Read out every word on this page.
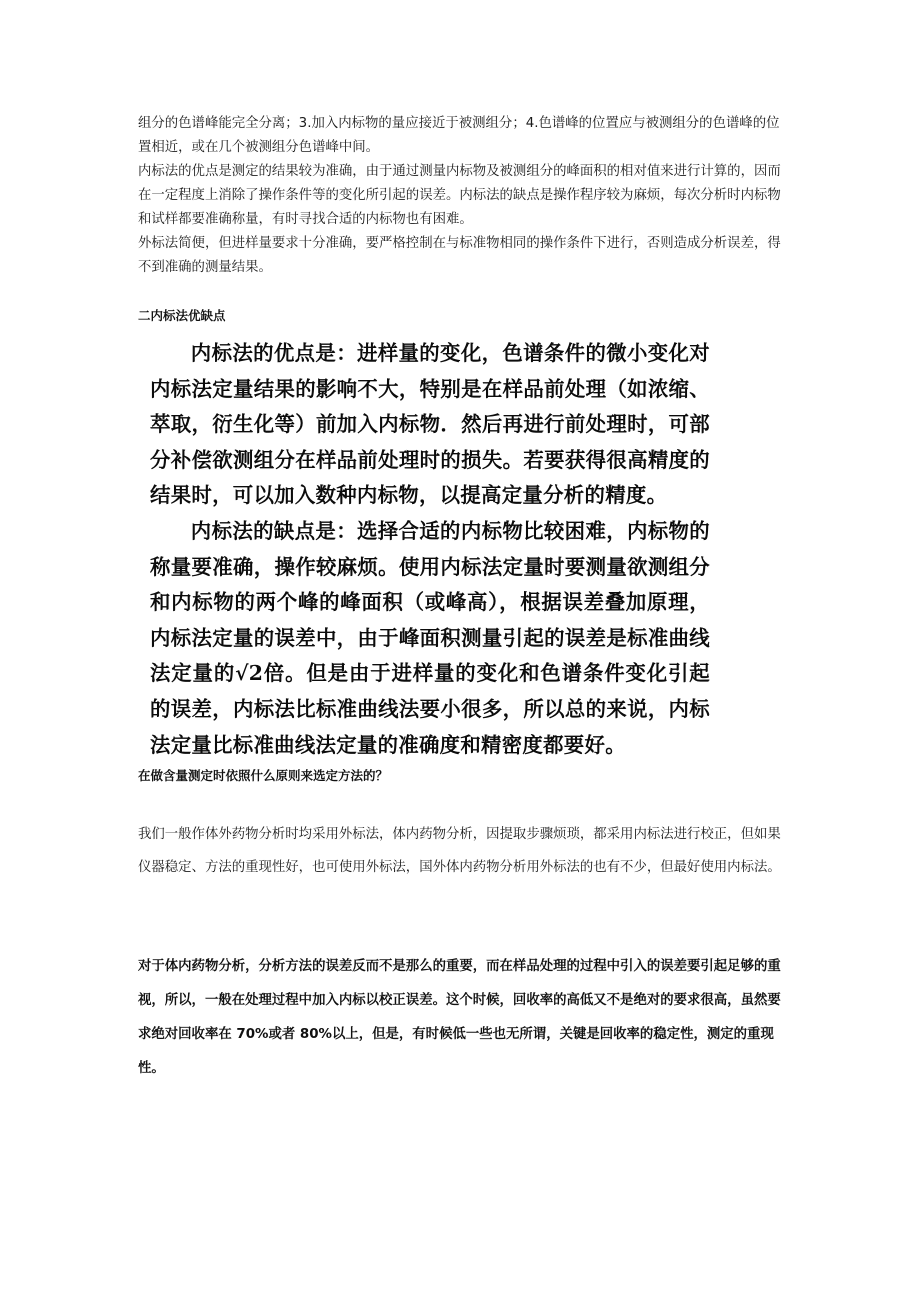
组分的色谱峰能完全分离；3.加入内标物的量应接近于被测组分；4.色谱峰的位置应与被测组分的色谱峰的位置相近，或在几个被测组分色谱峰中间。

内标法的优点是测定的结果较为准确，由于通过测量内标物及被测组分的峰面积的相对值来进行计算的，因而在一定程度上消除了操作条件等的变化所引起的误差。内标法的缺点是操作程序较为麻烦，每次分析时内标物和试样都要准确称量，有时寻找合适的内标物也有困难。

外标法简便，但进样量要求十分准确，要严格控制在与标准物相同的操作条件下进行，否则造成分析误差，得不到准确的测量结果。

二内标法优缺点

内标法的优点是：进样量的变化，色谱条件的微小变化对内标法定量结果的影响不大，特别是在样品前处理（如浓缩、萃取，衍生化等）前加入内标物．然后再进行前处理时，可部分补偿欲测组分在样品前处理时的损失。若要获得很高精度的结果时，可以加入数种内标物，以提高定量分析的精度。

内标法的缺点是：选择合适的内标物比较困难，内标物的称量要准确，操作较麻烦。使用内标法定量时要测量欲测组分和内标物的两个峰的峰面积（或峰高），根据误差叠加原理，内标法定量的误差中，由于峰面积测量引起的误差是标准曲线法定量的√2倍。但是由于进样量的变化和色谱条件变化引起的误差，内标法比标准曲线法要小很多，所以总的来说，内标法定量比标准曲线法定量的准确度和精密度都要好。

在做含量测定时依照什么原则来选定方法的？

我们一般作体外药物分析时均采用外标法，体内药物分析，因提取步骤烦琐，都采用内标法进行校正，但如果仪器稳定、方法的重现性好，也可使用外标法，国外体内药物分析用外标法的也有不少，但最好使用内标法。

对于体内药物分析，分析方法的误差反而不是那么的重要，而在样品处理的过程中引入的误差要引起足够的重视，所以，一般在处理过程中加入内标以校正误差。这个时候，回收率的高低又不是绝对的要求很高，虽然要求绝对回收率在 70%或者 80%以上，但是，有时候低一些也无所谓，关键是回收率的稳定性，测定的重现性。
